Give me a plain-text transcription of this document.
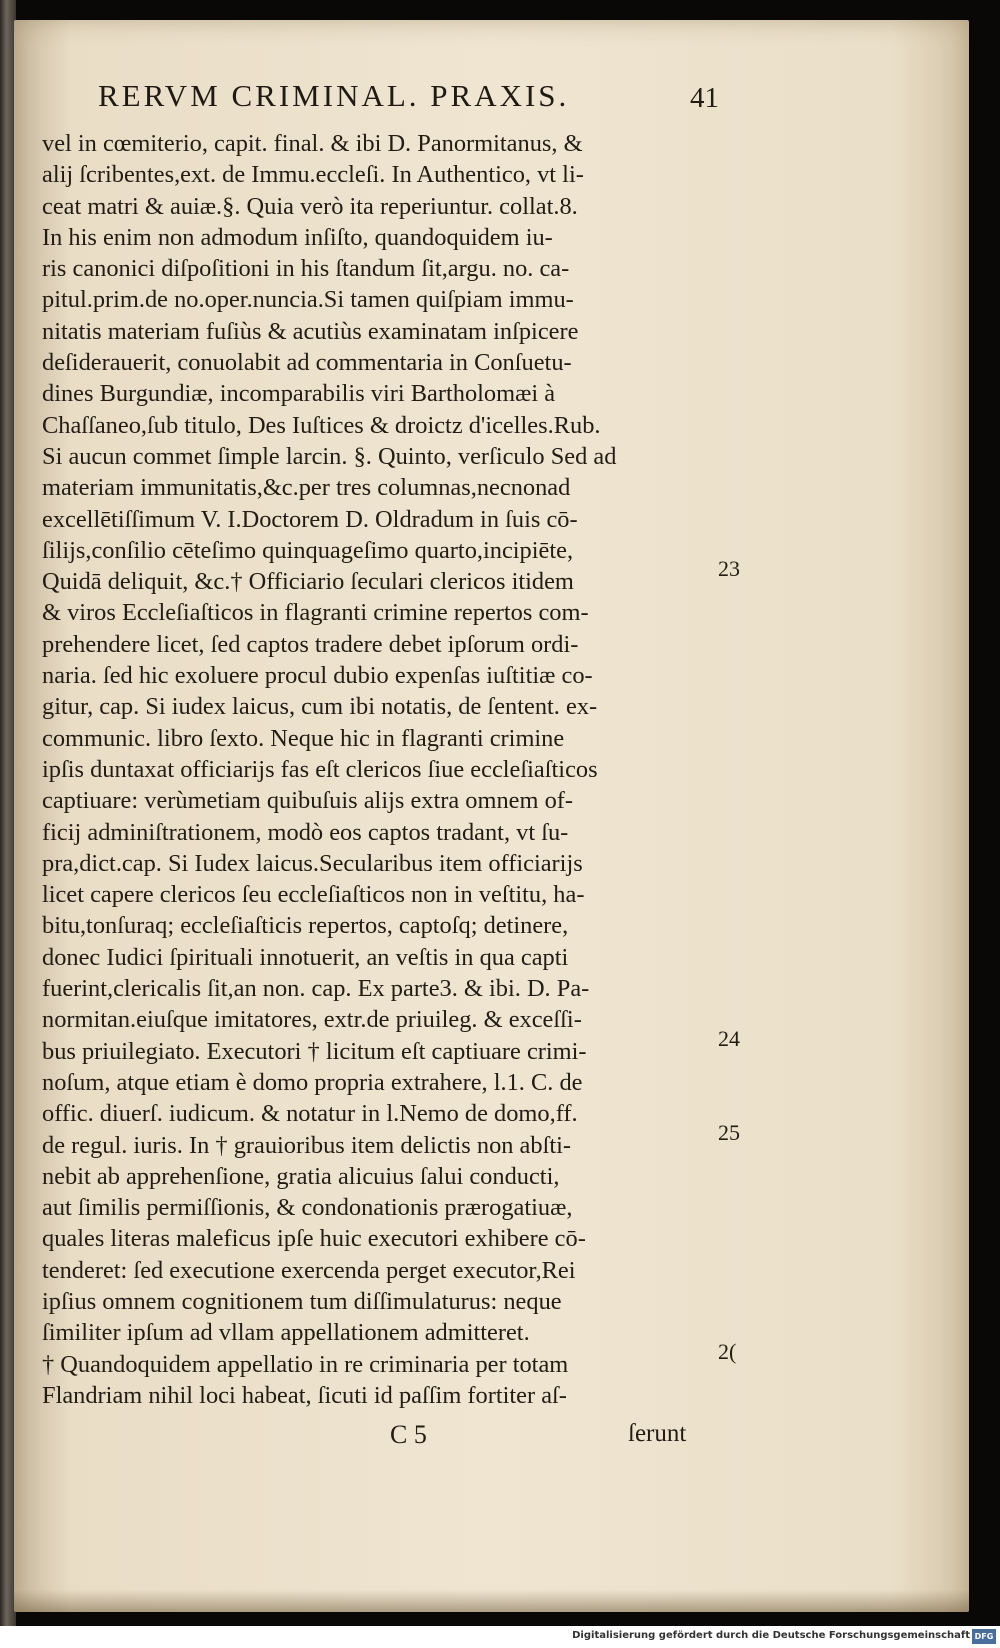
RERVM CRIMINAL. PRAXIS.	41
vel in cœmiterio, capit. final. & ibi D. Panormitanus, &
alij ſcribentes,ext. de Immu.eccleſi. In Authentico, vt li-
ceat matri & auiæ.§. Quia verò ita reperiuntur. collat.8.
In his enim non admodum inſiſto, quandoquidem iu-
ris canonici diſpoſitioni in his ſtandum ſit,argu. no. ca-
pitul.prim.de no.oper.nuncia.Si tamen quiſpiam immu-
nitatis materiam fuſiùs & acutiùs examinatam inſpicere
deſiderauerit, conuolabit ad commentaria in Conſuetu-
dines Burgundiæ, incomparabilis viri Bartholomæi à
Chaſſaneo,ſub titulo, Des Iuſtices & droictz d'icelles.Rub.
Si aucun commet ſimple larcin. §. Quinto, verſiculo Sed ad
materiam immunitatis,&c.per tres columnas,necnonad
excellētiſſimum V. I.Doctorem D. Oldradum in ſuis cō-
ſilijs,conſilio cēteſimo quinquageſimo quarto,incipiēte,
Quidā deliquit, &c.† Officiario ſeculari clericos itidem
& viros Eccleſiaſticos in flagranti crimine repertos com-
prehendere licet, ſed captos tradere debet ipſorum ordi-
naria. ſed hic exoluere procul dubio expenſas iuſtitiæ co-
gitur, cap. Si iudex laicus, cum ibi notatis, de ſentent. ex-
communic. libro ſexto. Neque hic in flagranti crimine
ipſis duntaxat officiarijs fas eſt clericos ſiue eccleſiaſticos
captiuare: verùmetiam quibuſuis alijs extra omnem of-
ficij adminiſtrationem, modò eos captos tradant, vt ſu-
pra,dict.cap. Si Iudex laicus.Secularibus item officiarijs
licet capere clericos ſeu eccleſiaſticos non in veſtitu, ha-
bitu,tonſuraq; eccleſiaſticis repertos, captoſq; detinere,
donec Iudici ſpirituali innotuerit, an veſtis in qua capti
fuerint,clericalis ſit,an non. cap. Ex parte3. & ibi. D. Pa-
normitan.eiuſque imitatores, extr.de priuileg. & exceſſi-
bus priuilegiato. Executori † licitum eſt captiuare crimi-
noſum, atque etiam è domo propria extrahere, l.1. C. de
offic. diuerſ. iudicum. & notatur in l.Nemo de domo,ff.
de regul. iuris. In † grauioribus item delictis non abſti-
nebit ab apprehenſione, gratia alicuius ſalui conducti,
aut ſimilis permiſſionis, & condonationis prærogatiuæ,
quales literas maleficus ipſe huic executori exhibere cō-
tenderet: ſed executione exercenda perget executor,Rei
ipſius omnem cognitionem tum diſſimulaturus: neque
ſimiliter ipſum ad vllam appellationem admitteret.
† Quandoquidem appellatio in re criminaria per totam
Flandriam nihil loci habeat, ſicuti id paſſim fortiter aſ-
23
24
25
2(
C 5	ſerunt
Digitalisierung gefördert durch die Deutsche Forschungsgemeinschaft DFG
